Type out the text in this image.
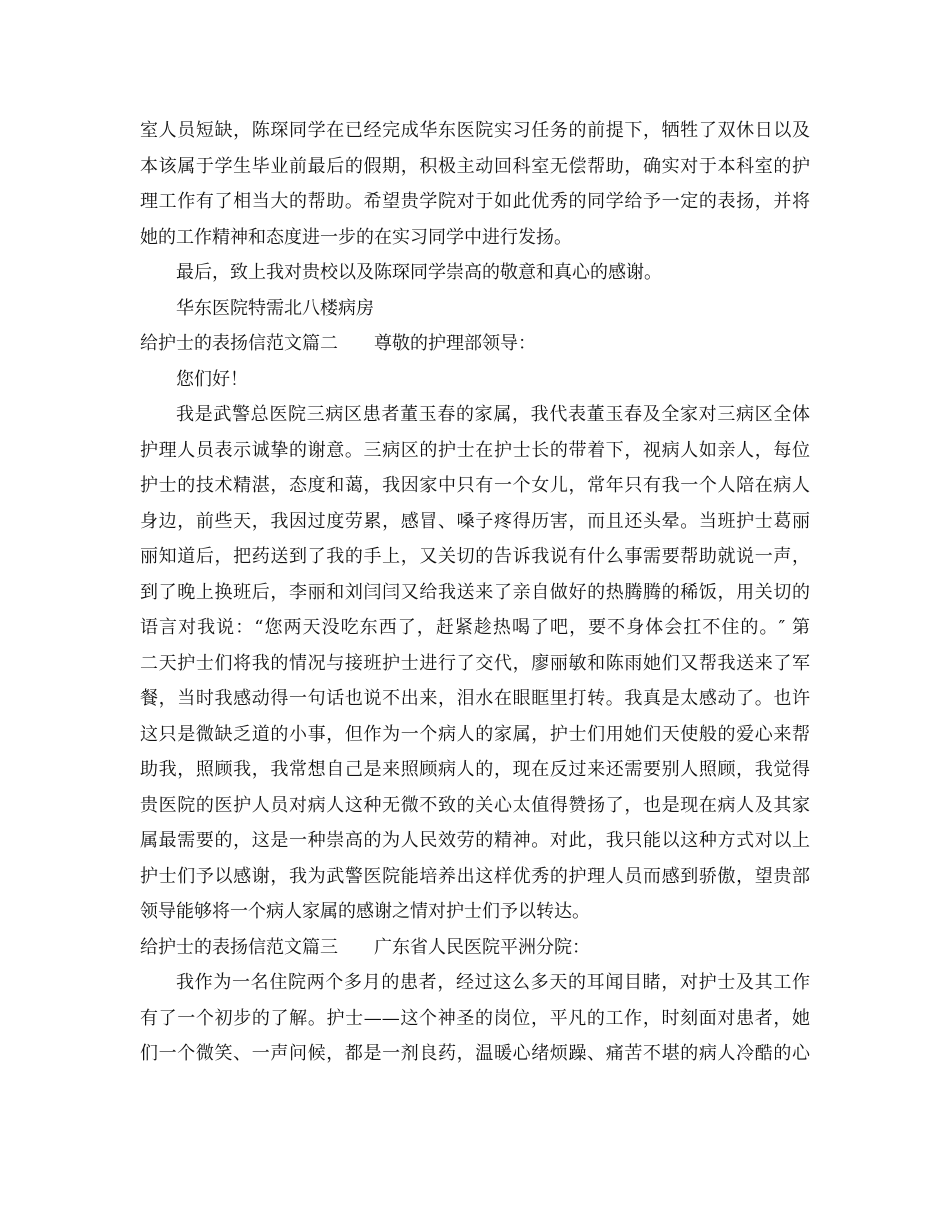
室人员短缺，陈琛同学在已经完成华东医院实习任务的前提下，牺牲了双休日以及
本该属于学生毕业前最后的假期，积极主动回科室无偿帮助，确实对于本科室的护
理工作有了相当大的帮助。希望贵学院对于如此优秀的同学给予一定的表扬，并将
她的工作精神和态度进一步的在实习同学中进行发扬。
最后，致上我对贵校以及陈琛同学崇高的敬意和真心的感谢。
华东医院特需北八楼病房
给护士的表扬信范文篇二 尊敬的护理部领导：
您们好！
我是武警总医院三病区患者董玉春的家属，我代表董玉春及全家对三病区全体
护理人员表示诚挚的谢意。三病区的护士在护士长的带着下，视病人如亲人，每位
护士的技术精湛，态度和蔼，我因家中只有一个女儿，常年只有我一个人陪在病人
身边，前些天，我因过度劳累，感冒、嗓子疼得历害，而且还头晕。当班护士葛丽
丽知道后，把药送到了我的手上，又关切的告诉我说有什么事需要帮助就说一声，
到了晚上换班后，李丽和刘闫闫又给我送来了亲自做好的热腾腾的稀饭，用关切的
语言对我说：“您两天没吃东西了，赶紧趁热喝了吧，要不身体会扛不住的。″ 第
二天护士们将我的情况与接班护士进行了交代，廖丽敏和陈雨她们又帮我送来了军
餐，当时我感动得一句话也说不出来，泪水在眼眶里打转。我真是太感动了。也许
这只是微缺乏道的小事，但作为一个病人的家属，护士们用她们天使般的爱心来帮
助我，照顾我，我常想自己是来照顾病人的，现在反过来还需要别人照顾，我觉得
贵医院的医护人员对病人这种无微不致的关心太值得赞扬了，也是现在病人及其家
属最需要的，这是一种崇高的为人民效劳的精神。对此，我只能以这种方式对以上
护士们予以感谢，我为武警医院能培养出这样优秀的护理人员而感到骄傲，望贵部
领导能够将一个病人家属的感谢之情对护士们予以转达。
给护士的表扬信范文篇三 广东省人民医院平洲分院：
我作为一名住院两个多月的患者，经过这么多天的耳闻目睹，对护士及其工作
有了一个初步的了解。护士——这个神圣的岗位，平凡的工作，时刻面对患者，她
们一个微笑、一声问候，都是一剂良药，温暖心绪烦躁、痛苦不堪的病人冷酷的心
